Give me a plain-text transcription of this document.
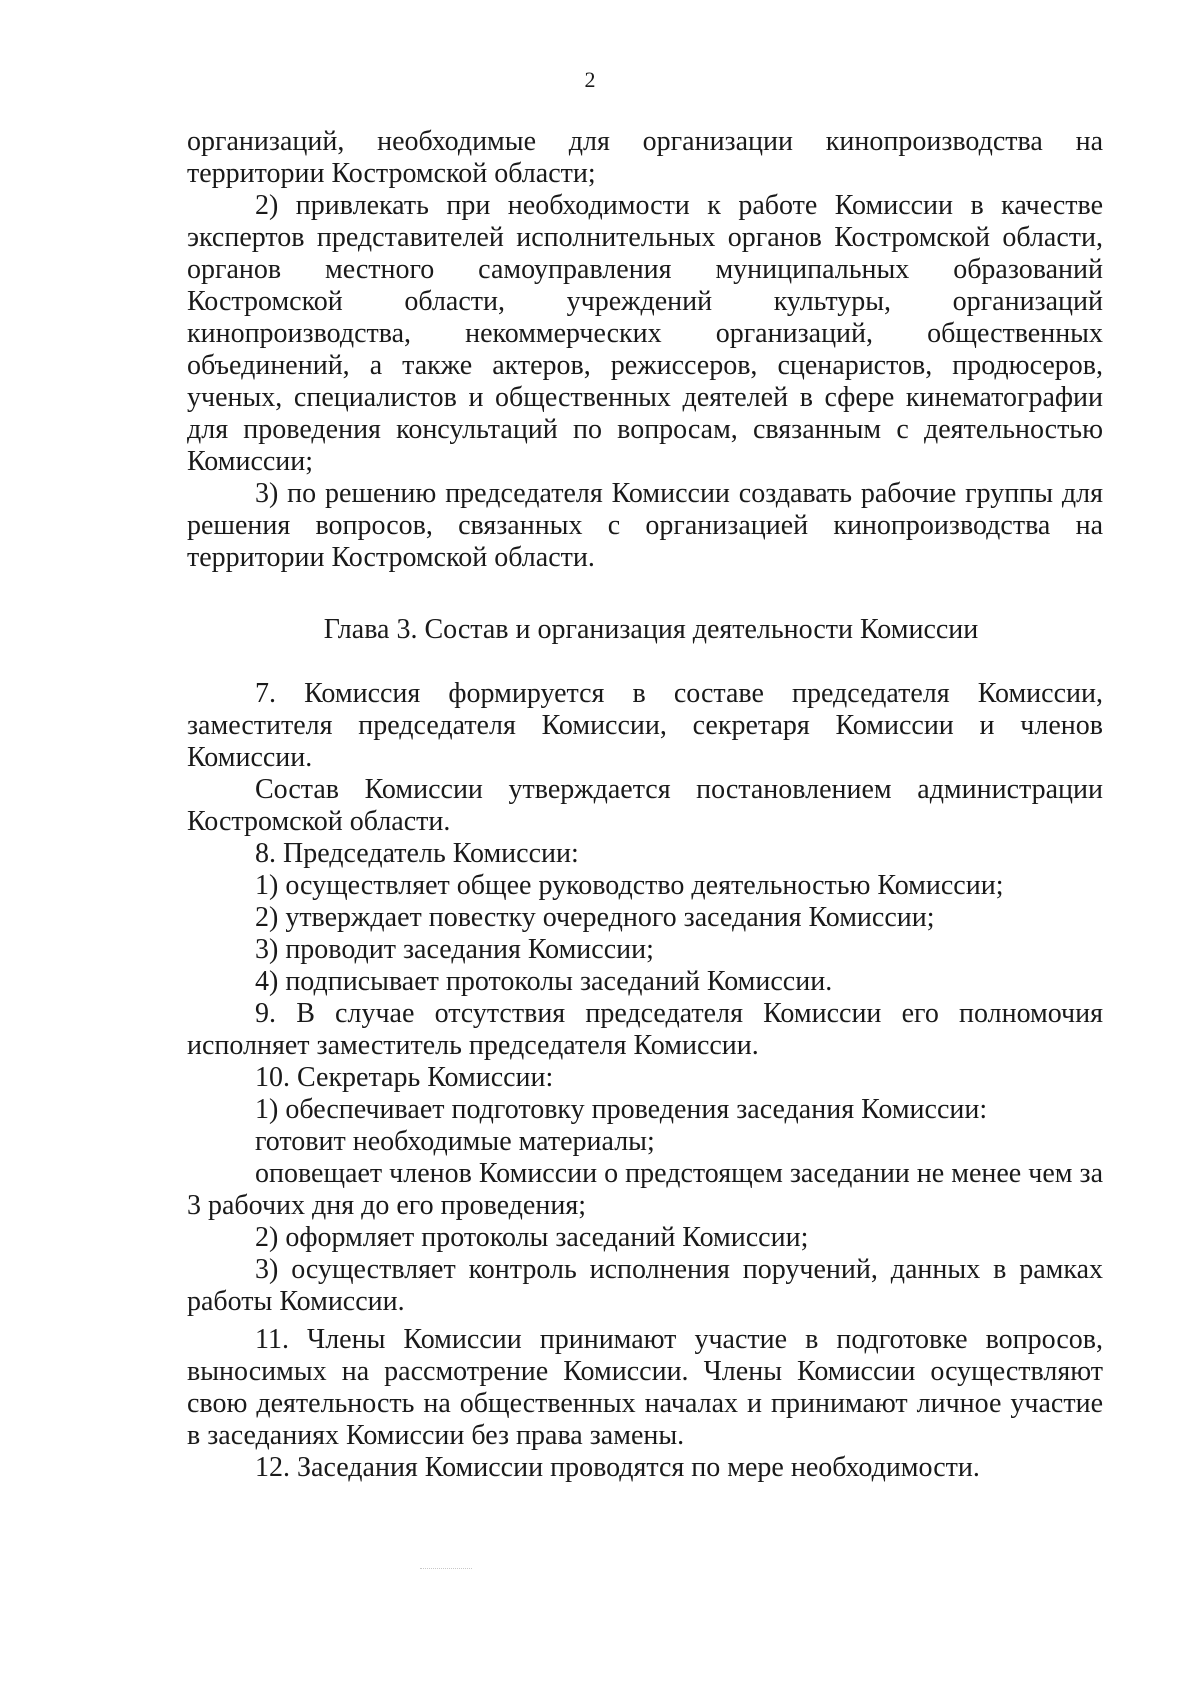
2

организаций, необходимые для организации кинопроизводства на территории Костромской области;

2) привлекать при необходимости к работе Комиссии в качестве экспертов представителей исполнительных органов Костромской области, органов местного самоуправления муниципальных образований Костромской области, учреждений культуры, организаций кинопроизводства, некоммерческих организаций, общественных объединений, а также актеров, режиссеров, сценаристов, продюсеров, ученых, специалистов и общественных деятелей в сфере кинематографии для проведения консультаций по вопросам, связанным с деятельностью Комиссии;

3) по решению председателя Комиссии создавать рабочие группы для решения вопросов, связанных с организацией кинопроизводства на территории Костромской области.

Глава 3. Состав и организация деятельности Комиссии

7. Комиссия формируется в составе председателя Комиссии, заместителя председателя Комиссии, секретаря Комиссии и членов Комиссии.

Состав Комиссии утверждается постановлением администрации Костромской области.

8. Председатель Комиссии:

1) осуществляет общее руководство деятельностью Комиссии;

2) утверждает повестку очередного заседания Комиссии;

3) проводит заседания Комиссии;

4) подписывает протоколы заседаний Комиссии.

9. В случае отсутствия председателя Комиссии его полномочия исполняет заместитель председателя Комиссии.

10. Секретарь Комиссии:

1) обеспечивает подготовку проведения заседания Комиссии:

готовит необходимые материалы;

оповещает членов Комиссии о предстоящем заседании не менее чем за 3 рабочих дня до его проведения;

2) оформляет протоколы заседаний Комиссии;

3) осуществляет контроль исполнения поручений, данных в рамках работы Комиссии.

11. Члены Комиссии принимают участие в подготовке вопросов, выносимых на рассмотрение Комиссии. Члены Комиссии осуществляют свою деятельность на общественных началах и принимают личное участие в заседаниях Комиссии без права замены.

12. Заседания Комиссии проводятся по мере необходимости.
